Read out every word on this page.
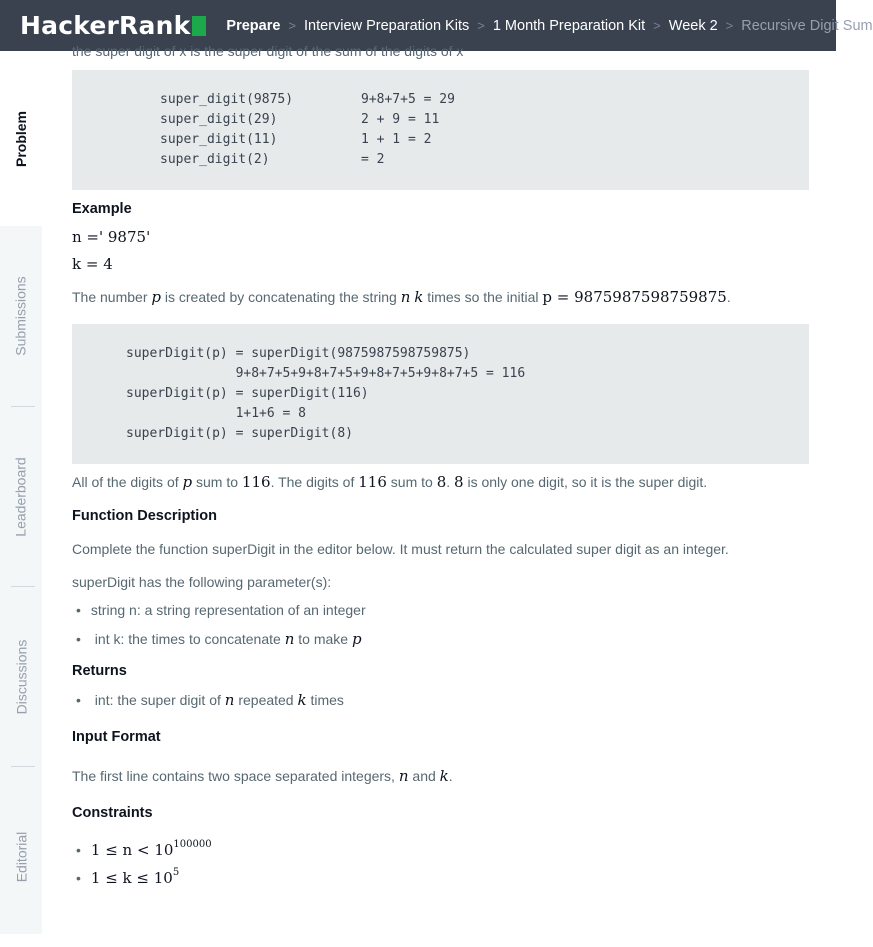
HackerRank Prepare > Interview Preparation Kits > 1 Month Preparation Kit > Week 2 > Recursive Digit Sum
Problem
Submissions
Leaderboard
Discussions
Editorial
the super digit of x is the super digit of the sum of the digits of x
super_digit(9875)	9+8+7+5 = 29
super_digit(29)	2 + 9 = 11
super_digit(11)	1 + 1 = 2
super_digit(2)	= 2
Example
n =' 9875'
k = 4
The number p is created by concatenating the string n k times so the initial p = 9875987598759875.
superDigit(p) = superDigit(9875987598759875)
9+8+7+5+9+8+7+5+9+8+7+5+9+8+7+5 = 116
superDigit(p) = superDigit(116)
1+1+6 = 8
superDigit(p) = superDigit(8)
All of the digits of p sum to 116. The digits of 116 sum to 8. 8 is only one digit, so it is the super digit.
Function Description
Complete the function superDigit in the editor below. It must return the calculated super digit as an integer.
superDigit has the following parameter(s):
• string n: a string representation of an integer
• int k: the times to concatenate n to make p
Returns
• int: the super digit of n repeated k times
Input Format
The first line contains two space separated integers, n and k.
Constraints
• $1 \le n < 10^{100000}$
• $1 \le k \le 10^5$
